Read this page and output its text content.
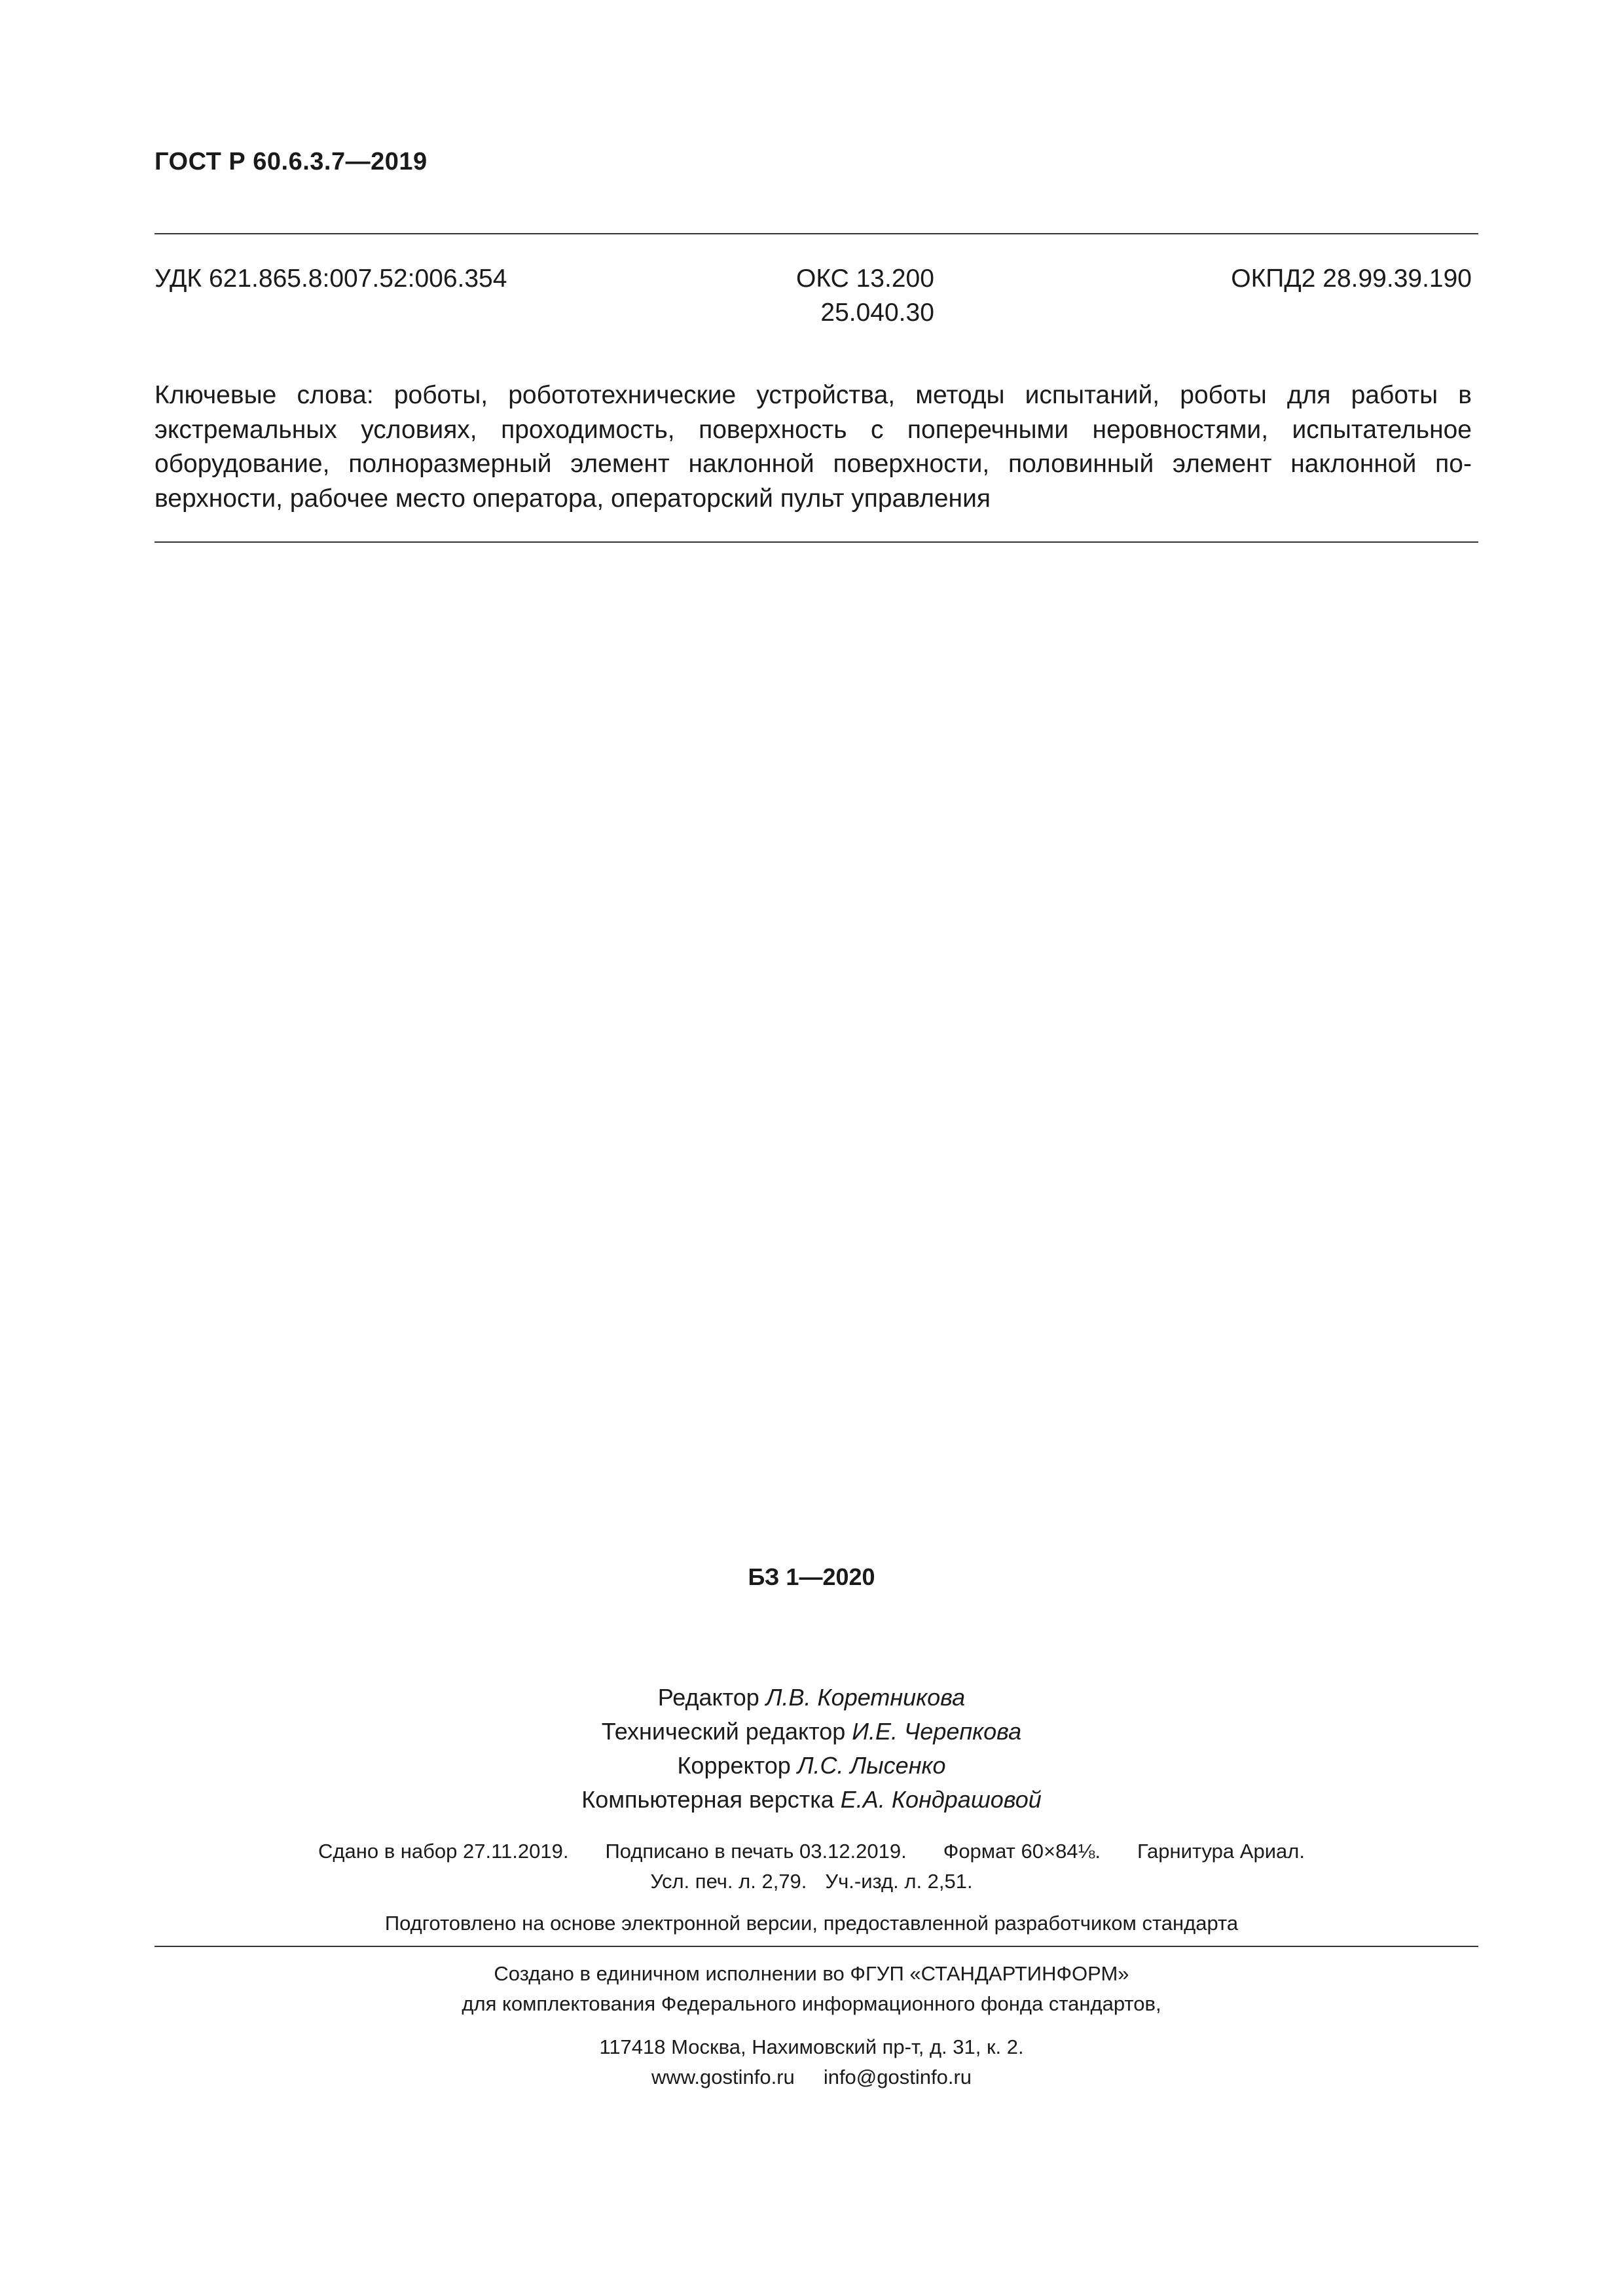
ГОСТ Р 60.6.3.7—2019
УДК 621.865.8:007.52:006.354	ОКС 13.200
25.040.30
ОКПД2 28.99.39.190
Ключевые слова: роботы, робототехнические устройства, методы испытаний, роботы для работы в экстремальных условиях, проходимость, поверхность с поперечными неровностями, испытательное оборудование, полноразмерный элемент наклонной поверхности, половинный элемент наклонной поверхности, рабочее место оператора, операторский пульт управления
БЗ 1—2020
Редактор Л.В. Коретникова
Технический редактор И.Е. Черепкова
Корректор Л.С. Лысенко
Компьютерная верстка Е.А. Кондрашовой
Сдано в набор 27.11.2019. Подписано в печать 03.12.2019. Формат 60×84⅛. Гарнитура Ариал.
Усл. печ. л. 2,79. Уч.-изд. л. 2,51.
Подготовлено на основе электронной версии, предоставленной разработчиком стандарта
Создано в единичном исполнении во ФГУП «СТАНДАРТИНФОРМ»
для комплектования Федерального информационного фонда стандартов,
117418 Москва, Нахимовский пр-т, д. 31, к. 2.
www.gostinfo.ru info@gostinfo.ru
